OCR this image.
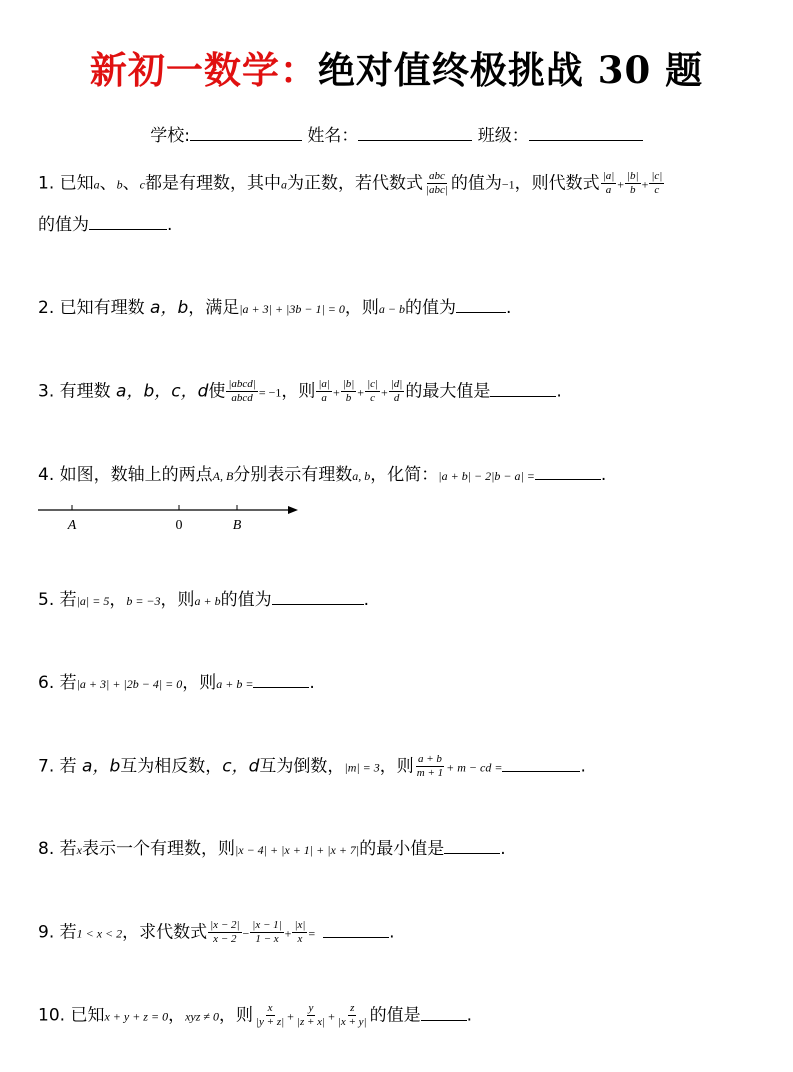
新初一数学：绝对值终极挑战 30 题
学校:	姓名：	班级：
1. 已知a、b、c都是有理数，其中a为正数，若代数式 $\frac{\text{abc}}{\text{|abc|}}$ 的值为−1，则代数式 $\frac{|a|}{a} + \frac{|b|}{b} + \frac{|c|}{c}$
的值为	.
2. 已知有理数 a，b，满足|a + 3| + |3b − 1| = 0，则a − b的值为	.
3. 有理数 a，b，c，d使 $\frac{\text{|abcd|}}{\text{abcd}} = -1$，则 $\frac{|a|}{a} + \frac{|b|}{b} + \frac{|c|}{c} + \frac{|d|}{d}$ 的最大值是	.
4. 如图，数轴上的两点A, B分别表示有理数a, b，化简：|a + b| − 2|b − a| =	.
A	0	B
5. 若|a| = 5，b = −3，则a + b的值为	.
6. 若|a + 3| + |2b − 4| = 0，则a + b =	.
7. 若 a，b互为相反数，c，d互为倒数，|m| = 3，则 $\frac{a + b}{m + 1} + m$ − cd =	.
8. 若x表示一个有理数，则|x − 4| + |x + 1| + |x + 7|的最小值是	.
9. 若1 < x < 2，求代数式 $\frac{|x - 2|}{x - 2} - \frac{|x - 1|}{1 - x} + \frac{|x|}{x}$ =	.
10. 已知x + y + z = 0，xyz ≠ 0，则 $\frac{x}{|y + z|} + \frac{y}{|z + x|} + \frac{z}{|x + y|}$ 的值是	.
